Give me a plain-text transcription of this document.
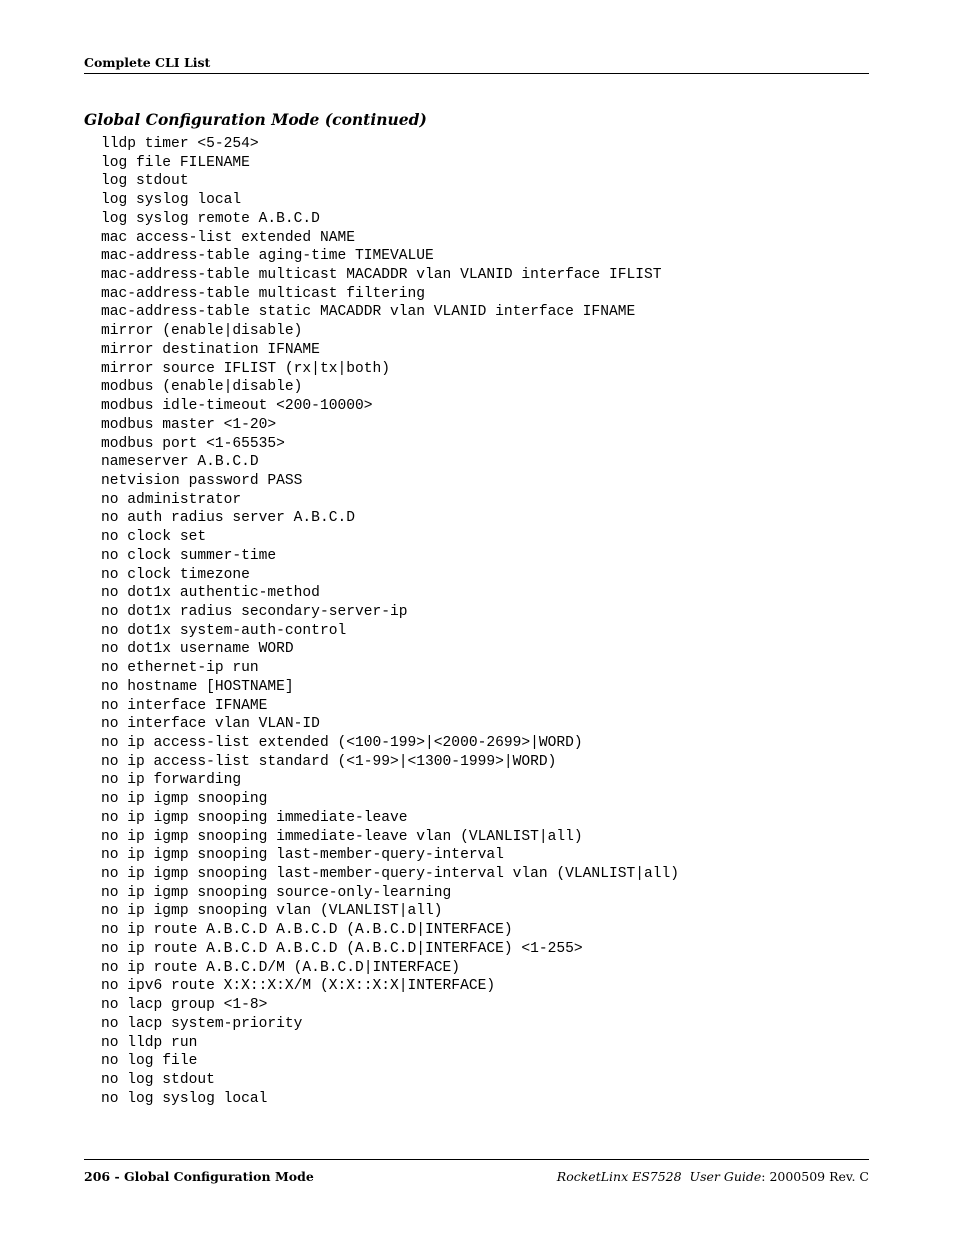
Complete CLI List
Global Configuration Mode (continued)
lldp timer <5-254>
log file FILENAME
log stdout
log syslog local
log syslog remote A.B.C.D
mac access-list extended NAME
mac-address-table aging-time TIMEVALUE
mac-address-table multicast MACADDR vlan VLANID interface IFLIST
mac-address-table multicast filtering
mac-address-table static MACADDR vlan VLANID interface IFNAME
mirror (enable|disable)
mirror destination IFNAME
mirror source IFLIST (rx|tx|both)
modbus (enable|disable)
modbus idle-timeout <200-10000>
modbus master <1-20>
modbus port <1-65535>
nameserver A.B.C.D
netvision password PASS
no administrator
no auth radius server A.B.C.D
no clock set
no clock summer-time
no clock timezone
no dot1x authentic-method
no dot1x radius secondary-server-ip
no dot1x system-auth-control
no dot1x username WORD
no ethernet-ip run
no hostname [HOSTNAME]
no interface IFNAME
no interface vlan VLAN-ID
no ip access-list extended (<100-199>|<2000-2699>|WORD)
no ip access-list standard (<1-99>|<1300-1999>|WORD)
no ip forwarding
no ip igmp snooping
no ip igmp snooping immediate-leave
no ip igmp snooping immediate-leave vlan (VLANLIST|all)
no ip igmp snooping last-member-query-interval
no ip igmp snooping last-member-query-interval vlan (VLANLIST|all)
no ip igmp snooping source-only-learning
no ip igmp snooping vlan (VLANLIST|all)
no ip route A.B.C.D A.B.C.D (A.B.C.D|INTERFACE)
no ip route A.B.C.D A.B.C.D (A.B.C.D|INTERFACE) <1-255>
no ip route A.B.C.D/M (A.B.C.D|INTERFACE)
no ipv6 route X:X::X:X/M (X:X::X:X|INTERFACE)
no lacp group <1-8>
no lacp system-priority
no lldp run
no log file
no log stdout
no log syslog local
206 - Global Configuration Mode	RocketLinx ES7528  User Guide: 2000509 Rev. C
